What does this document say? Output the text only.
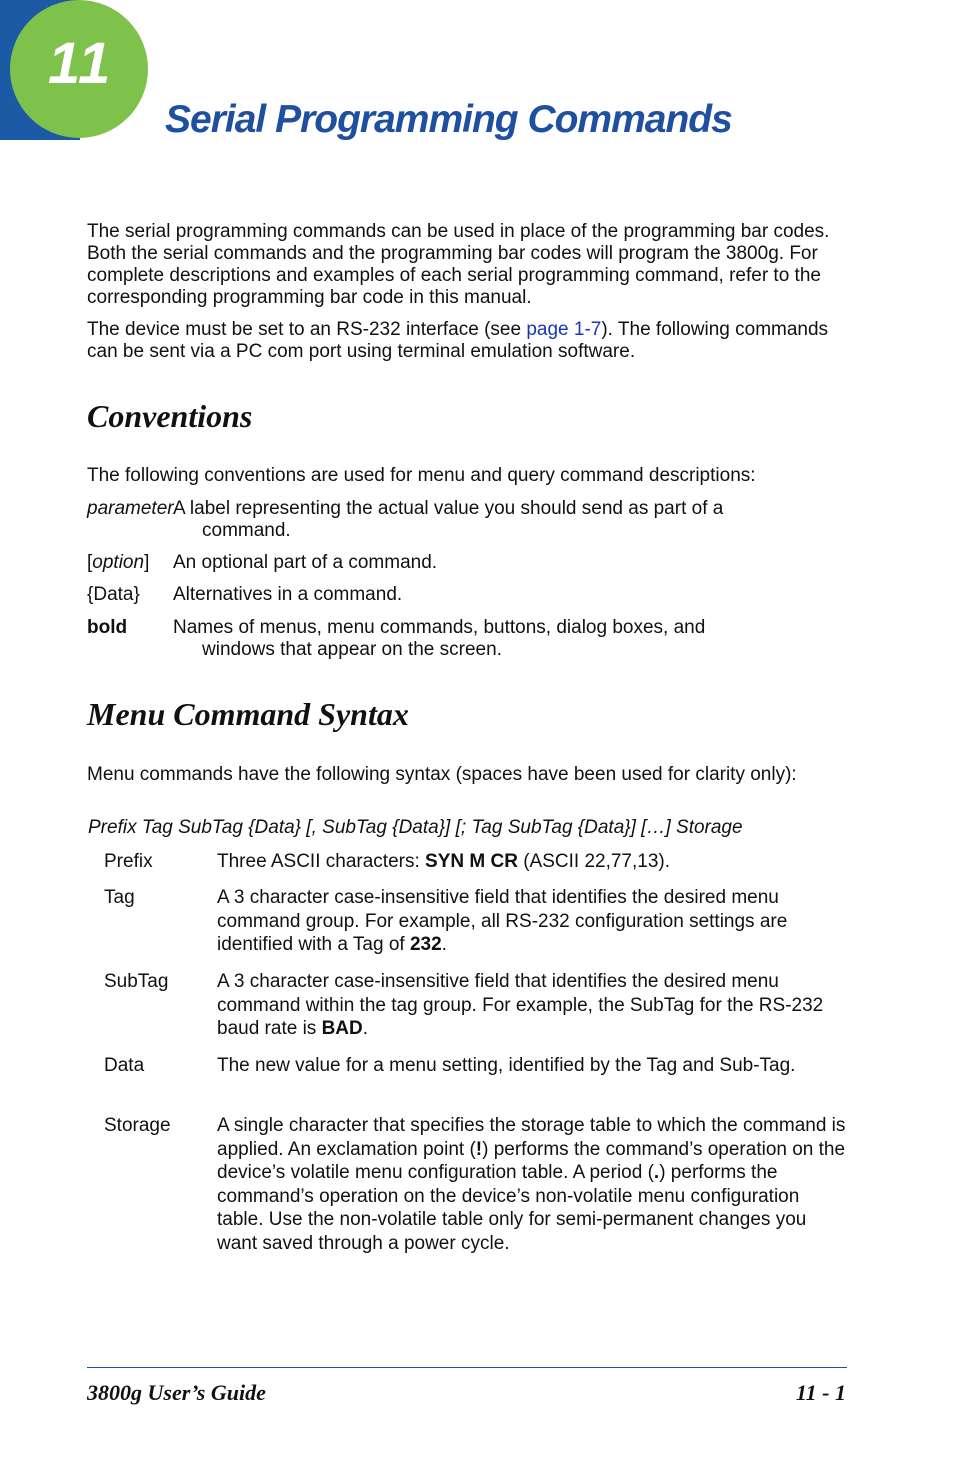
11
Serial Programming Commands

The serial programming commands can be used in place of the programming bar codes. Both the serial commands and the programming bar codes will program the 3800g. For complete descriptions and examples of each serial programming command, refer to the corresponding programming bar code in this manual.

The device must be set to an RS-232 interface (see page 1-7). The following commands can be sent via a PC com port using terminal emulation software.

Conventions

The following conventions are used for menu and query command descriptions:

parameter A label representing the actual value you should send as part of a
command.
[option] An optional part of a command.
{Data} Alternatives in a command.
bold Names of menus, menu commands, buttons, dialog boxes, and
windows that appear on the screen.
Menu Command Syntax

Menu commands have the following syntax (spaces have been used for clarity only):

Prefix Tag SubTag {Data} [, SubTag {Data}] [; Tag SubTag {Data}] […] Storage
Prefix	Three ASCII characters: SYN M CR (ASCII 22,77,13).
Tag	A 3 character case-insensitive field that identifies the desired menu command group. For example, all RS-232 configuration settings are identified with a Tag of 232.
SubTag	A 3 character case-insensitive field that identifies the desired menu command within the tag group. For example, the SubTag for the RS-232 baud rate is BAD.
Data	The new value for a menu setting, identified by the Tag and Sub-Tag.
Storage A single character that specifies the storage table to which the command is applied. An exclamation point (!) performs the command’s operation on the device’s volatile menu configuration table. A period (.) performs the command’s operation on the device’s non-volatile menu configuration table. Use the non-volatile table only for semi-permanent changes you want saved through a power cycle.
3800g User’s Guide	11 - 1
